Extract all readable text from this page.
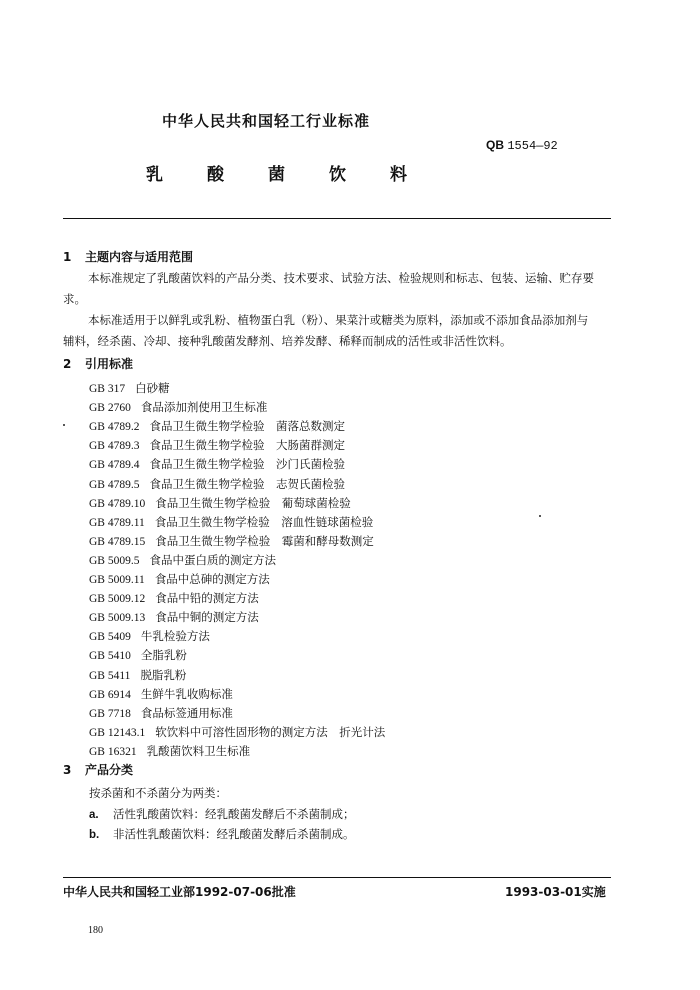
中华人民共和国轻工行业标准
QB 1554—92
乳酸菌饮料
1 主题内容与适用范围
本标准规定了乳酸菌饮料的产品分类、技术要求、试验方法、检验规则和标志、包装、运输、贮存要求。
本标准适用于以鲜乳或乳粉、植物蛋白乳（粉）、果菜汁或糖类为原料，添加或不添加食品添加剂与辅料，经杀菌、冷却、接种乳酸菌发酵剂、培养发酵、稀释而制成的活性或非活性饮料。
2 引用标准
GB 317 白砂糖
GB 2760 食品添加剂使用卫生标准
GB 4789.2 食品卫生微生物学检验　菌落总数测定
GB 4789.3 食品卫生微生物学检验　大肠菌群测定
GB 4789.4 食品卫生微生物学检验　沙门氏菌检验
GB 4789.5 食品卫生微生物学检验　志贺氏菌检验
GB 4789.10 食品卫生微生物学检验　葡萄球菌检验
GB 4789.11 食品卫生微生物学检验　溶血性链球菌检验
GB 4789.15 食品卫生微生物学检验　霉菌和酵母数测定
GB 5009.5 食品中蛋白质的测定方法
GB 5009.11 食品中总砷的测定方法
GB 5009.12 食品中铅的测定方法
GB 5009.13 食品中铜的测定方法
GB 5409 牛乳检验方法
GB 5410 全脂乳粉
GB 5411 脱脂乳粉
GB 6914 生鲜牛乳收购标准
GB 7718 食品标签通用标准
GB 12143.1 软饮料中可溶性固形物的测定方法　折光计法
GB 16321 乳酸菌饮料卫生标准
3 产品分类
按杀菌和不杀菌分为两类：
a. 活性乳酸菌饮料：经乳酸菌发酵后不杀菌制成；
b. 非活性乳酸菌饮料：经乳酸菌发酵后杀菌制成。
中华人民共和国轻工业部1992-07-06批准	1993-03-01实施
180
